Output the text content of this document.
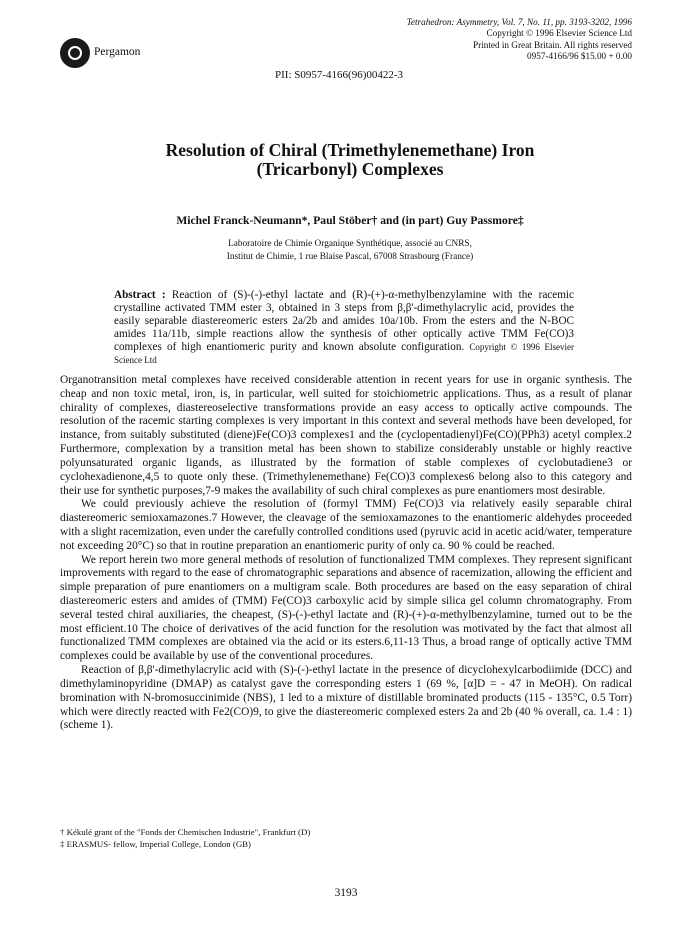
Pergamon
Tetrahedron: Asymmetry, Vol. 7, No. 11, pp. 3193-3202, 1996
Copyright © 1996 Elsevier Science Ltd
Printed in Great Britain. All rights reserved
0957-4166/96 $15.00 + 0.00
PII: S0957-4166(96)00422-3
Resolution of Chiral (Trimethylenemethane) Iron
(Tricarbonyl) Complexes
Michel Franck-Neumann*, Paul Stöber† and (in part) Guy Passmore‡
Laboratoire de Chimie Organique Synthétique, associé au CNRS,
Institut de Chimie, 1 rue Blaise Pascal, 67008 Strasbourg (France)
Abstract : Reaction of (S)-(-)-ethyl lactate and (R)-(+)-α-methylbenzylamine with the racemic crystalline activated TMM ester 3, obtained in 3 steps from β,β'-dimethylacrylic acid, provides the easily separable diastereomeric esters 2a/2b and amides 10a/10b. From the esters and the N-BOC amides 11a/11b, simple reactions allow the synthesis of other optically active TMM Fe(CO)3 complexes of high enantiomeric purity and known absolute configuration. Copyright © 1996 Elsevier Science Ltd

Organotransition metal complexes have received considerable attention in recent years for use in organic synthesis. The cheap and non toxic metal, iron, is, in particular, well suited for stoichiometric applications. Thus, as a result of planar chirality of complexes, diastereoselective transformations provide an easy access to optically active compounds. The resolution of the racemic starting complexes is very important in this context and several methods have been developed, for instance, from suitably substituted (diene)Fe(CO)3 complexes1 and the (cyclopentadienyl)Fe(CO)(PPh3) acetyl complex.2 Furthermore, complexation by a transition metal has been shown to stabilize considerably unstable or highly reactive polyunsaturated organic ligands, as illustrated by the formation of stable complexes of cyclobutadiene3 or cyclohexadienone,4,5 to quote only these. (Trimethylenemethane) Fe(CO)3 complexes6 belong also to this category and their use for synthetic purposes,7-9 makes the availability of such chiral complexes as pure enantiomers most desirable.

We could previously achieve the resolution of (formyl TMM) Fe(CO)3 via relatively easily separable chiral diastereomeric semioxamazones.7 However, the cleavage of the semioxamazones to the enantiomeric aldehydes proceeded with a slight racemization, even under the carefully controlled conditions used (pyruvic acid in acetic acid/water, temperature not exceeding 20°C) so that in routine preparation an enantiomeric purity of only ca. 90 % could be reached.

We report herein two more general methods of resolution of functionalized TMM complexes. They represent significant improvements with regard to the ease of chromatographic separations and absence of racemization, allowing the efficient and simple preparation of pure enantiomers on a multigram scale. Both procedures are based on the easy separation of chiral diastereomeric esters and amides of (TMM) Fe(CO)3 carboxylic acid by simple silica gel column chromatography. From several tested chiral auxiliaries, the cheapest, (S)-(-)-ethyl lactate and (R)-(+)-α-methylbenzylamine, turned out to be the most efficient.10 The choice of derivatives of the acid function for the resolution was motivated by the fact that almost all functionalized TMM complexes are obtained via the acid or its esters.6,11-13 Thus, a broad range of optically active TMM complexes could be available by use of the conventional procedures.

Reaction of β,β'-dimethylacrylic acid with (S)-(-)-ethyl lactate in the presence of dicyclohexylcarbodiimide (DCC) and dimethylaminopyridine (DMAP) as catalyst gave the corresponding esters 1 (69 %, [α]D = - 47 in MeOH). On radical bromination with N-bromosuccinimide (NBS), 1 led to a mixture of distillable brominated products (115 - 135°C, 0.5 Torr) which were directly reacted with Fe2(CO)9, to give the diastereomeric complexed esters 2a and 2b (40 % overall, ca. 1.4 : 1) (scheme 1).

† Kékulé grant of the "Fonds der Chemischen Industrie", Frankfurt (D)
‡ ERASMUS- fellow, Imperial College, London (GB)
3193
